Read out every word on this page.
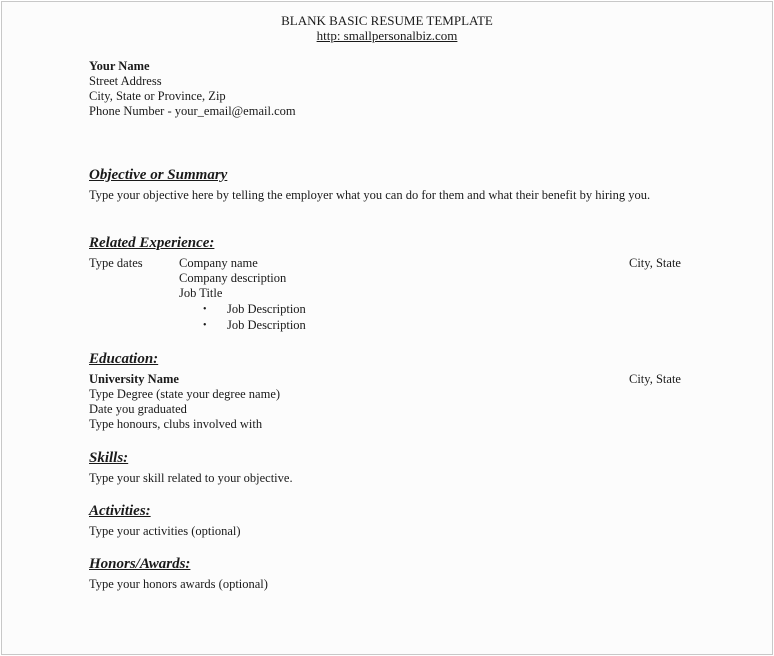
BLANK BASIC RESUME TEMPLATE
http: smallpersonalbiz.com
Your Name
Street Address
City, State or Province, Zip
Phone Number - your_email@email.com
Objective or Summary
Type your objective here by telling the employer what you can do for them and what their benefit by hiring you.
Related Experience:
Type dates	Company name	City, State
Company description
Job Title
• Job Description
• Job Description
Education:
University Name	City, State
Type Degree (state your degree name)
Date you graduated
Type honours, clubs involved with
Skills:
Type your skill related to your objective.
Activities:
Type your activities (optional)
Honors/Awards:
Type your honors awards (optional)
